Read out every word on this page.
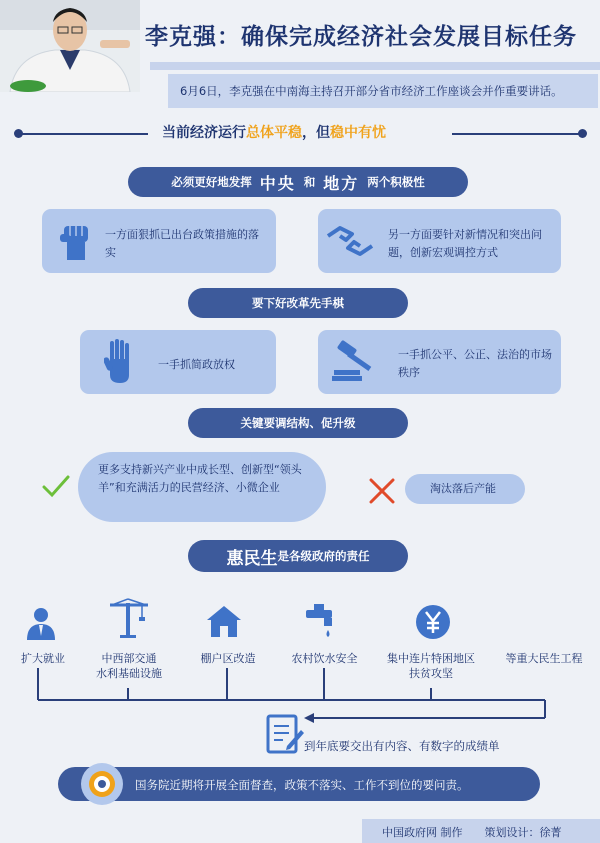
李克强：确保完成经济社会发展目标任务
6月6日，李克强在中南海主持召开部分省市经济工作座谈会并作重要讲话。
当前经济运行总体平稳，但稳中有忧
必须更好地发挥 中央 和 地方 两个积极性
一方面狠抓已出台政策措施的落实
另一方面要针对新情况和突出问题，创新宏观调控方式
要下好改革先手棋
一手抓简政放权
一手抓公平、公正、法治的市场秩序
关键要调结构、促升级
更多支持新兴产业中成长型、创新型“领头羊”和充满活力的民营经济、小微企业	淘汰落后产能
惠民生 是各级政府的责任
扩大就业	中西部交通
水利基础设施
棚户区改造	农村饮水安全	集中连片特困地区
扶贫攻坚
等重大民生工程
到年底要交出有内容、有数字的成绩单
国务院近期将开展全面督查，政策不落实、工作不到位的要问责。
中国政府网 制作　　策划设计：徐菁
